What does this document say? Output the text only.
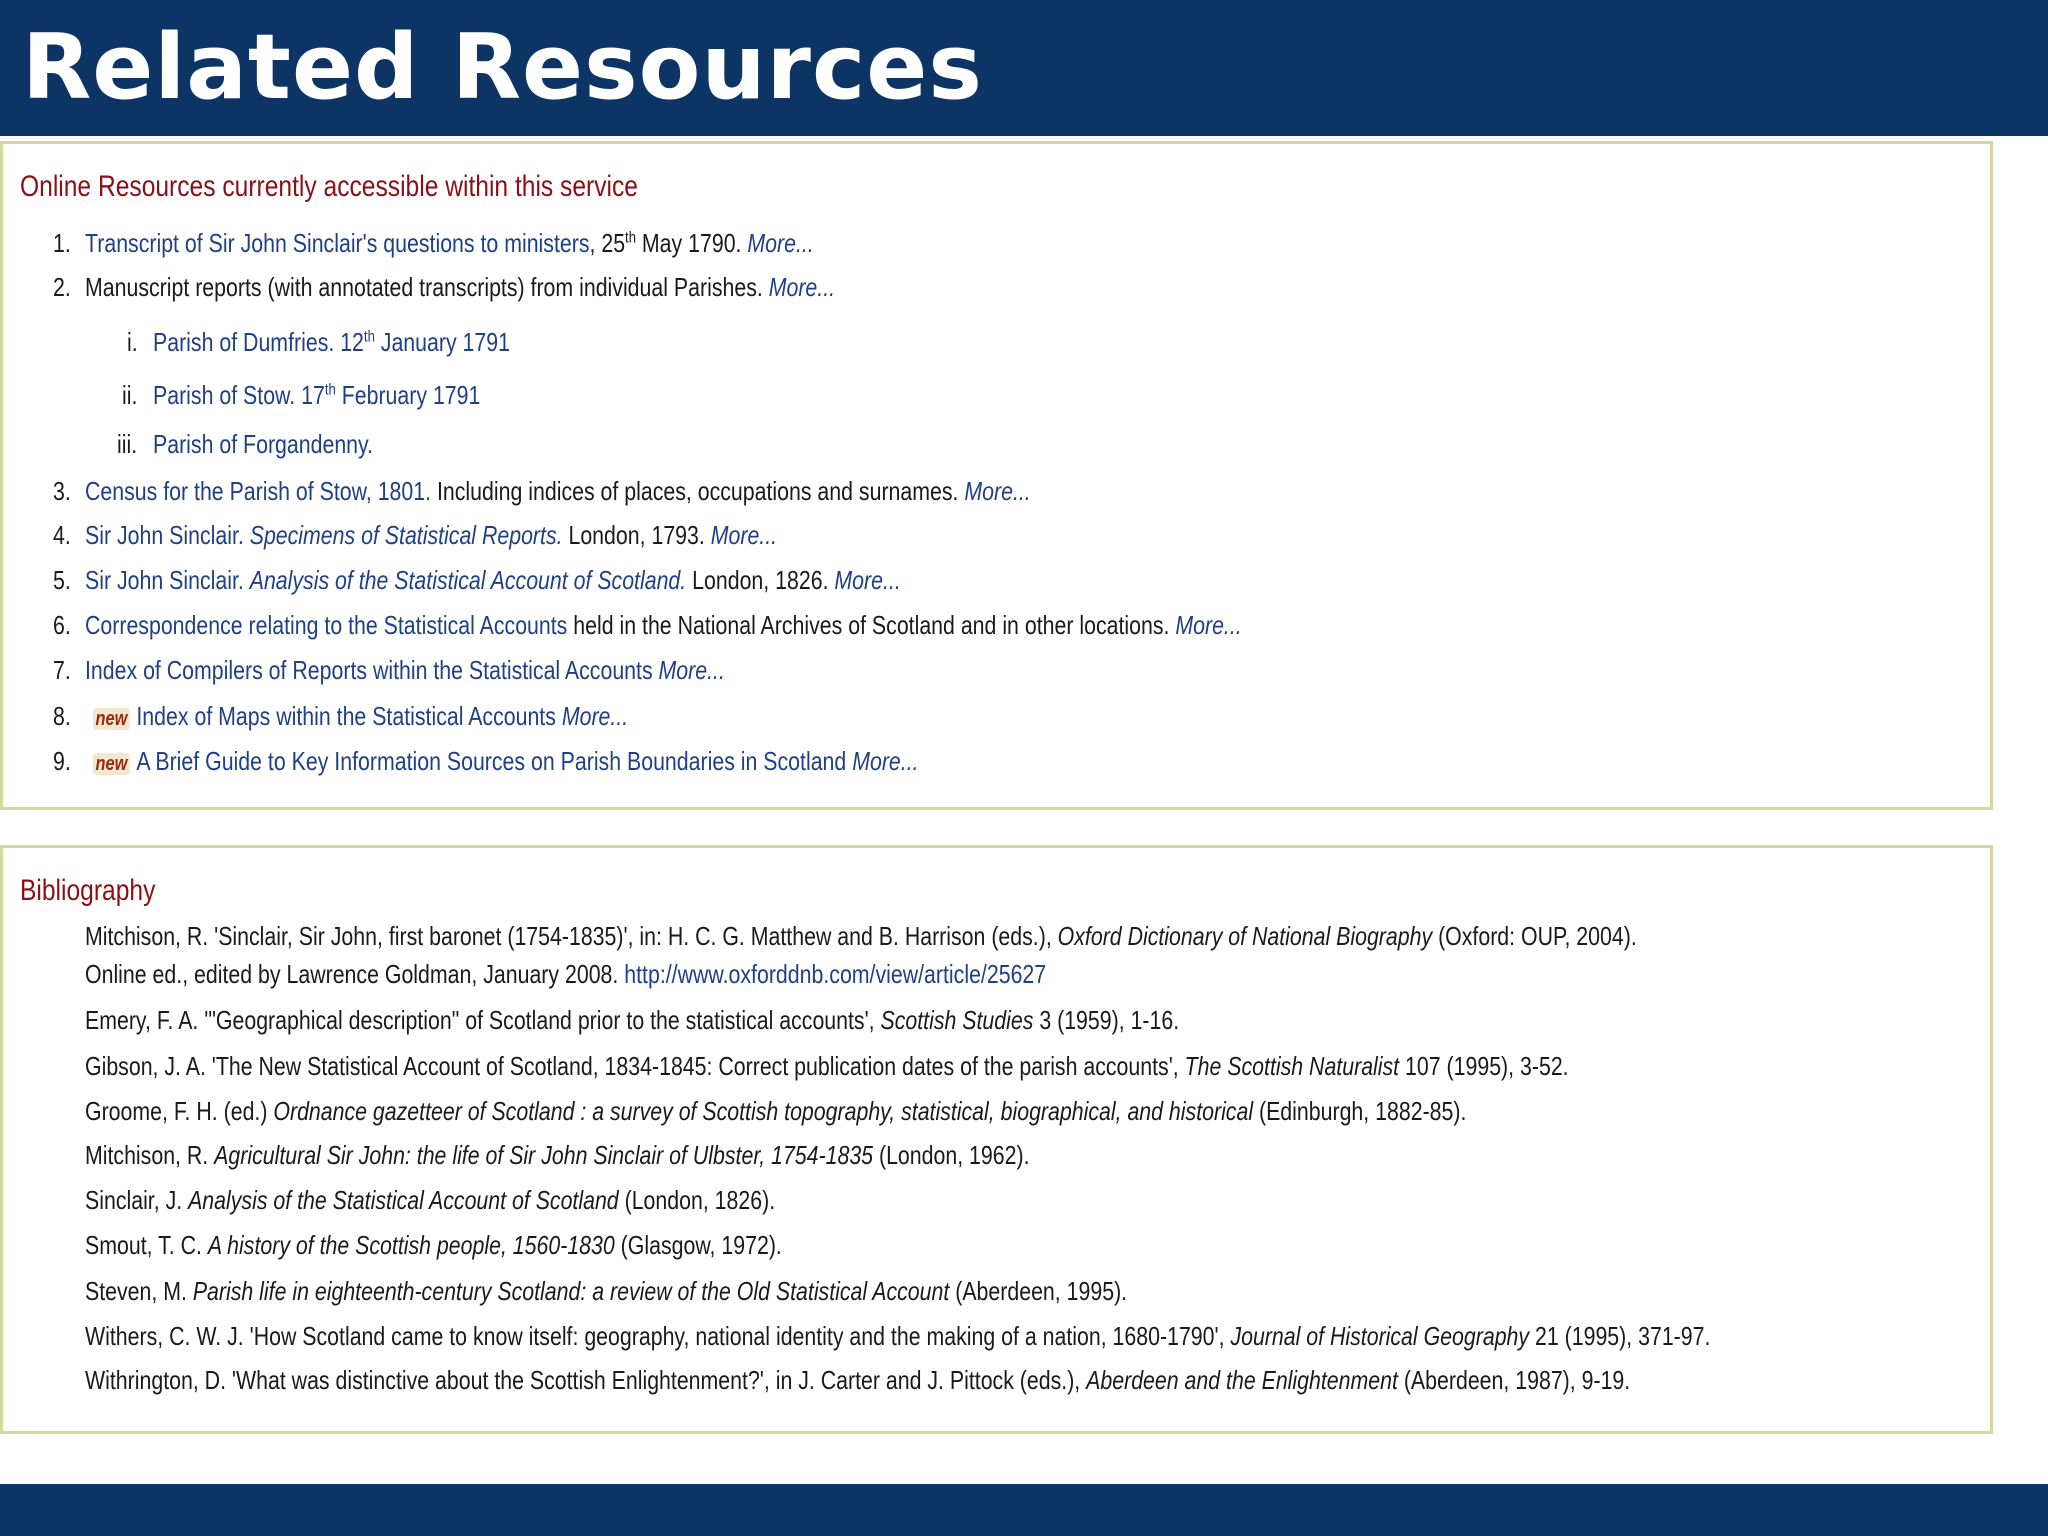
Related Resources
Online Resources currently accessible within this service
1. Transcript of Sir John Sinclair's questions to ministers, 25th May 1790. More...
2. Manuscript reports (with annotated transcripts) from individual Parishes. More...
i. Parish of Dumfries. 12th January 1791
ii. Parish of Stow. 17th February 1791
iii. Parish of Forgandenny.
3. Census for the Parish of Stow, 1801. Including indices of places, occupations and surnames. More...
4. Sir John Sinclair. Specimens of Statistical Reports. London, 1793. More...
5. Sir John Sinclair. Analysis of the Statistical Account of Scotland. London, 1826. More...
6. Correspondence relating to the Statistical Accounts held in the National Archives of Scotland and in other locations. More...
7. Index of Compilers of Reports within the Statistical Accounts More...
8. new Index of Maps within the Statistical Accounts More...
9. new A Brief Guide to Key Information Sources on Parish Boundaries in Scotland More...
Bibliography
Mitchison, R. 'Sinclair, Sir John, first baronet (1754-1835)', in: H. C. G. Matthew and B. Harrison (eds.), Oxford Dictionary of National Biography (Oxford: OUP, 2004).
Online ed., edited by Lawrence Goldman, January 2008. http://www.oxforddnb.com/view/article/25627
Emery, F. A. '"Geographical description" of Scotland prior to the statistical accounts', Scottish Studies 3 (1959), 1-16.
Gibson, J. A. 'The New Statistical Account of Scotland, 1834-1845: Correct publication dates of the parish accounts', The Scottish Naturalist 107 (1995), 3-52.
Groome, F. H. (ed.) Ordnance gazetteer of Scotland : a survey of Scottish topography, statistical, biographical, and historical (Edinburgh, 1882-85).
Mitchison, R. Agricultural Sir John: the life of Sir John Sinclair of Ulbster, 1754-1835 (London, 1962).
Sinclair, J. Analysis of the Statistical Account of Scotland (London, 1826).
Smout, T. C. A history of the Scottish people, 1560-1830 (Glasgow, 1972).
Steven, M. Parish life in eighteenth-century Scotland: a review of the Old Statistical Account (Aberdeen, 1995).
Withers, C. W. J. 'How Scotland came to know itself: geography, national identity and the making of a nation, 1680-1790', Journal of Historical Geography 21 (1995), 371-97.
Withrington, D. 'What was distinctive about the Scottish Enlightenment?', in J. Carter and J. Pittock (eds.), Aberdeen and the Enlightenment (Aberdeen, 1987), 9-19.
